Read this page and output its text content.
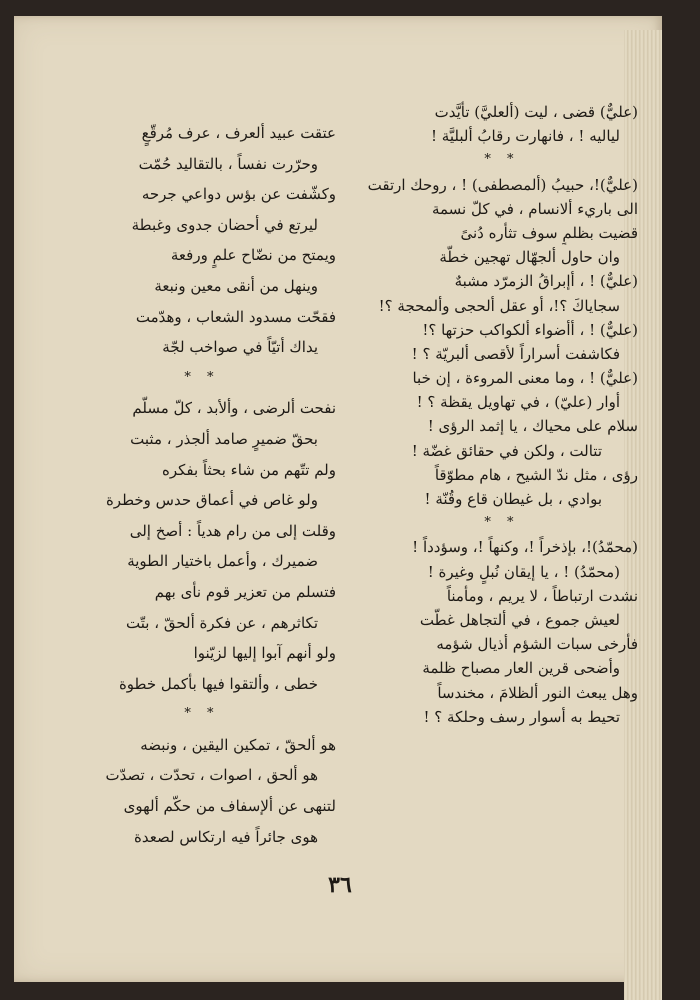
(عليٌّ) قضى ، ليت (ألعليَّ) تأيَّدت
لياليه ! ، فانهارت رقابُ ألبليَّة !
* *
(عليٌّ)!، حبيبُ (ألمصطفى) ! ، روحك ارتقت
الى باريء ألانسام ، في كلّ نسمة
قضيت بظلمٍ سوف تثأره دُنىً
وان حاول ألجهّال تهجين خطّة
(عليٌّ) ! ، أإبراقُ الزمرّد مشبهٌ
سجاياكَ ؟!، أو عقل ألحجى وألمحجة ؟!
(عليٌّ) ! ، أأضواء ألكواكب حزتها ؟!
فكاشفت أسراراً لأقصى ألبريّة ؟ !
(عليٌّ) ! ، وما معنى المروءة ، إن خبا
أوار (عليّ) ، في تهاويل يقظة ؟ !
سلام على محياك ، يا إثمد الرؤى !
تتالت ، ولكن في حقائق غضّة !
رؤى ، مثل ندّ الشيح ، هام مطوّقاً
بوادي ، بل غيطان قاع وقُنّة !
* *
(محمّدُ)!، بإذخراً !، وكنهاً !، وسؤدداً !
(محمّدُ) ! ، يا إيقان نُبلٍ وغيرة !
نشدت ارتباطاً ، لا يريم ، ومأمناً
لعيش جموع ، في ألتجاهل غطّت
فأرخى سبات الشؤم أذيال شؤمه
وأضحى قرين العار مصباح ظلمة
وهل يبعث النور ألظلامَ ، مخندساً
تحيط به أسوار رسف وحلكة ؟ !
عتقت عبيد ألعرف ، عرف مُرقّعٍ
وحرّرت نفساً ، بالتقاليد حُمّت
وكشّفت عن بؤس دواعي جرحه
ليرتع في أحضان جدوى وغبطة
ويمتح من نضّاح علمٍ ورفعة
وينهل من أنقى معين ونبعة
فقحّت مسدود الشعاب ، وهدّمت
يداك أتيّاً في صواخب لجّة
* *
نفحت ألرضى ، وألأبد ، كلّ مسلّم
بحقّ ضميرٍ صامد ألجذر ، مثبت
ولم تتّهم من شاء بحثاً بفكره
ولو غاص في أعماق حدس وخطرة
وقلت إلى من رام هدياً : أصخ إلى
ضميرك ، وأعمل باختيار الطوية
فتسلم من تعزير قوم نأى بهم
تكاثرهم ، عن فكرة ألحقّ ، بتّت
ولو أنهم آبوا إليها لزيّنوا
خطى ، وألتقوا فيها بأكمل خطوة
* *
هو ألحقّ ، تمكين اليقين ، ونبضه
هو ألحق ، اصوات ، تحدّت ، تصدّت
لتنهى عن ألإسفاف من حكّم ألهوى
هوى جائراً فيه ارتكاس لصعدة
٣٦
